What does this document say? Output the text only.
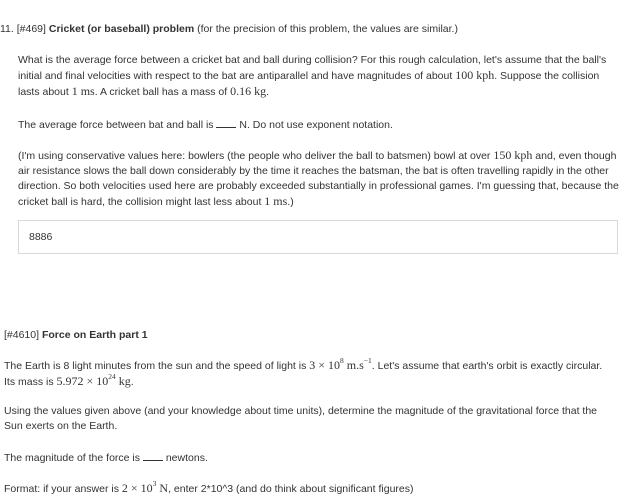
11. [#469] Cricket (or baseball) problem (for the precision of this problem, the values are similar.)

What is the average force between a cricket bat and ball during collision? For this rough calculation, let's assume that the ball's initial and final velocities with respect to the bat are antiparallel and have magnitudes of about 100 kph. Suppose the collision lasts about 1 ms. A cricket ball has a mass of 0.16 kg.

The average force between bat and ball is  N. Do not use exponent notation.
(I'm using conservative values here: bowlers (the people who deliver the ball to batsmen) bowl at over 150 kph and, even though air resistance slows the ball down considerably by the time it reaches the batsman, the bat is often travelling rapidly in the other direction. So both velocities used here are probably exceeded substantially in professional games. I'm guessing that, because the cricket ball is hard, the collision might last less about 1 ms.)
8886
[#4610] Force on Earth part 1
The Earth is 8 light minutes from the sun and the speed of light is $3 \times 10^8$ $m.s^{-1}$. Let's assume that earth's orbit is exactly circular. Its mass is $5.972 \times 10^{24}$ kg.
Using the values given above (and your knowledge about time units), determine the magnitude of the gravitational force that the Sun exerts on the Earth.
The magnitude of the force is  newtons.
Format: if your answer is $2 \times 10^3$ N, enter 2*10^3 (and do think about significant figures)
